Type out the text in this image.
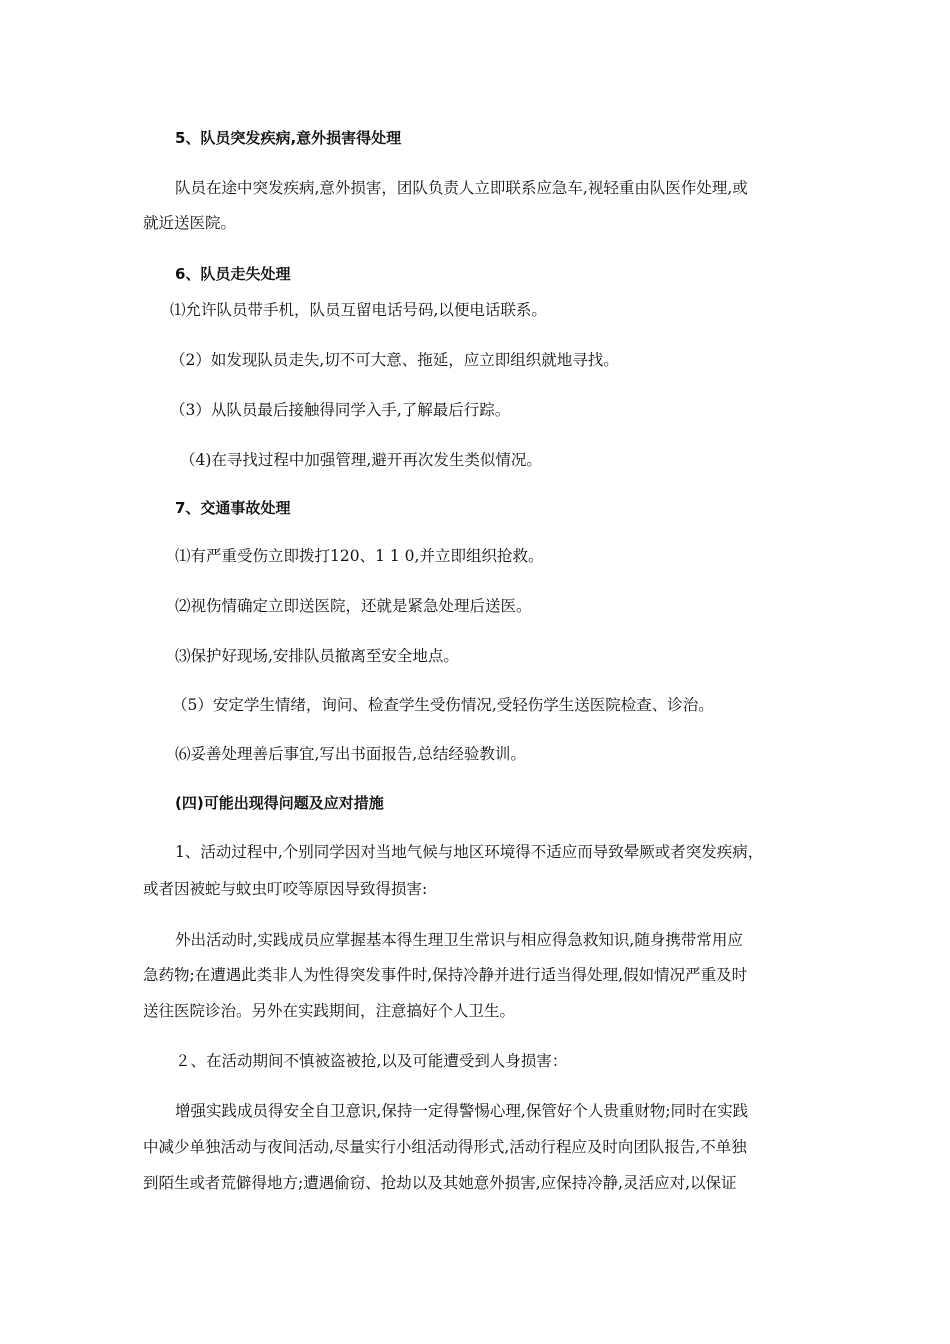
5、队员突发疾病,意外损害得处理
队员在途中突发疾病,意外损害，团队负责人立即联系应急车,视轻重由队医作处理,或
就近送医院。
6、队员走失处理
⑴允许队员带手机，队员互留电话号码,以便电话联系。
（2）如发现队员走失,切不可大意、拖延，应立即组织就地寻找。
（3）从队员最后接触得同学入手,了解最后行踪。
（4)在寻找过程中加强管理,避开再次发生类似情况。
7、交通事故处理
⑴有严重受伤立即拨打120、1 1 0,并立即组织抢救。
⑵视伤情确定立即送医院，还就是紧急处理后送医。
⑶保护好现场,安排队员撤离至安全地点。
（5）安定学生情绪，询问、检查学生受伤情况,受轻伤学生送医院检查、诊治。
⑹妥善处理善后事宜,写出书面报告,总结经验教训。
(四)可能出现得问题及应对措施
1、活动过程中,个别同学因对当地气候与地区环境得不适应而导致晕厥或者突发疾病，
或者因被蛇与蚊虫叮咬等原因导致得损害:
外出活动时,实践成员应掌握基本得生理卫生常识与相应得急救知识,随身携带常用应
急药物;在遭遇此类非人为性得突发事件时,保持冷静并进行适当得处理,假如情况严重及时
送往医院诊治。另外在实践期间，注意搞好个人卫生。
２、在活动期间不慎被盗被抢,以及可能遭受到人身损害：
增强实践成员得安全自卫意识,保持一定得警惕心理,保管好个人贵重财物;同时在实践
中减少单独活动与夜间活动,尽量实行小组活动得形式,活动行程应及时向团队报告,不单独
到陌生或者荒僻得地方;遭遇偷窃、抢劫以及其她意外损害,应保持冷静,灵活应对,以保证
